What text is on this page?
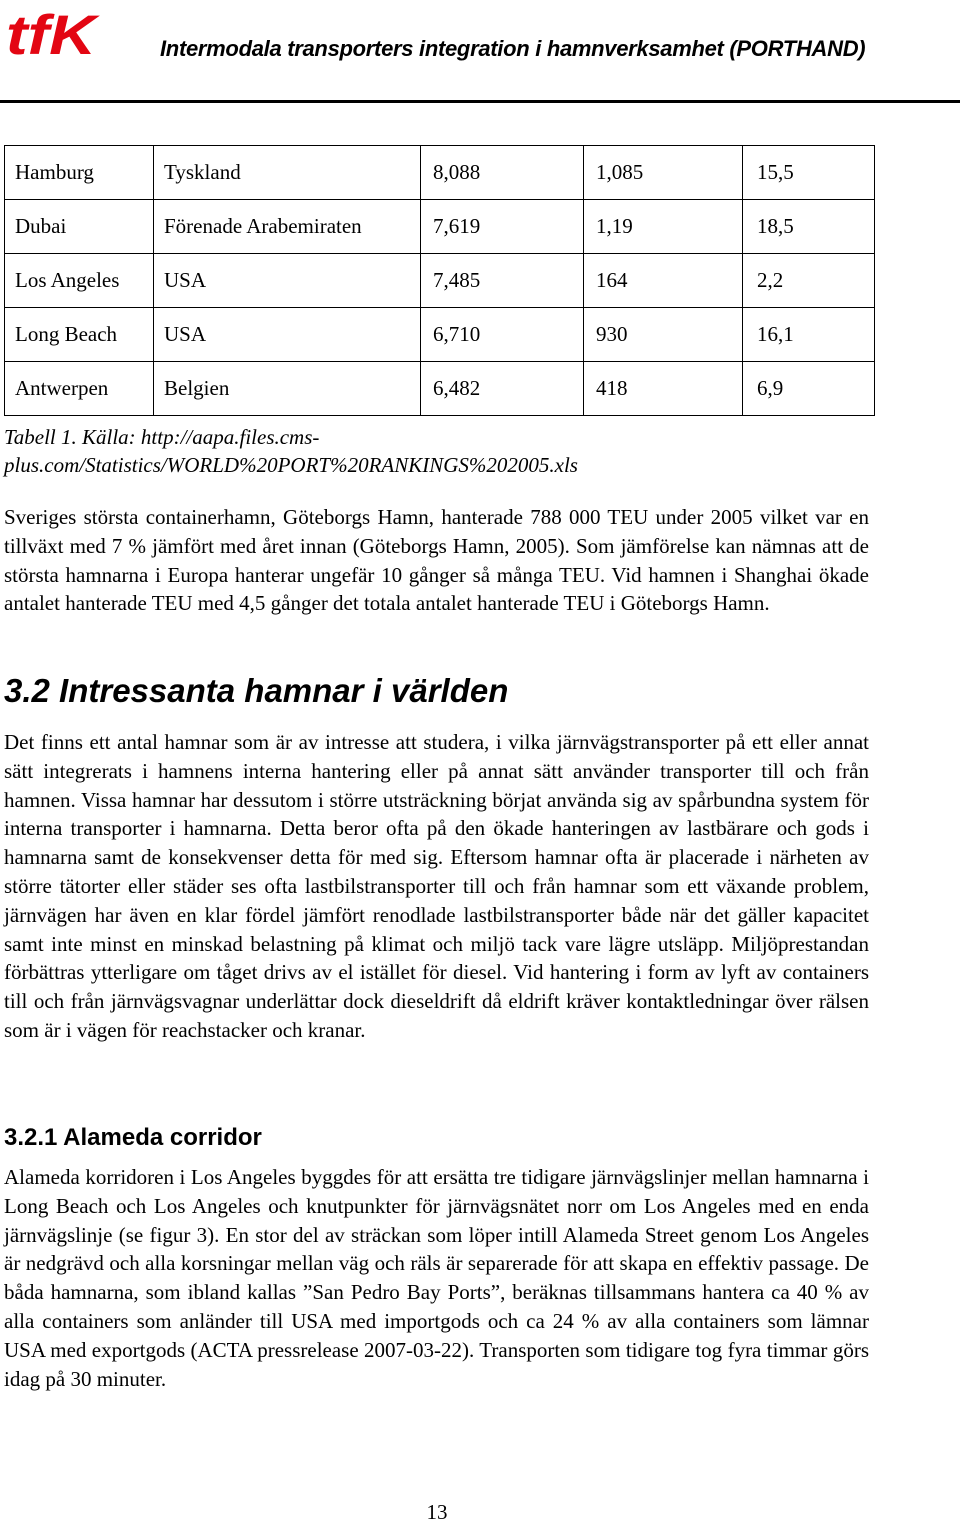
tfK	Intermodala transporters integration i hamnverksamhet (PORTHAND)
Hamburg	Tyskland	8,088	1,085	15,5
Dubai	Förenade Arabemiraten	7,619	1,19	18,5
Los Angeles	USA	7,485	164	2,2
Long Beach	USA	6,710	930	16,1
Antwerpen	Belgien	6,482	418	6,9
Tabell 1. Källa: http://aapa.files.cms-
plus.com/Statistics/WORLD%20PORT%20RANKINGS%202005.xls

Sveriges största containerhamn, Göteborgs Hamn, hanterade 788 000 TEU under 2005 vilket var en tillväxt med 7 % jämfört med året innan (Göteborgs Hamn, 2005). Som jämförelse kan nämnas att de största hamnarna i Europa hanterar ungefär 10 gånger så många TEU. Vid hamnen i Shanghai ökade antalet hanterade TEU med 4,5 gånger det totala antalet hanterade TEU i Göteborgs Hamn.

3.2 Intressanta hamnar i världen

Det finns ett antal hamnar som är av intresse att studera, i vilka järnvägstransporter på ett eller annat sätt integrerats i hamnens interna hantering eller på annat sätt använder transporter till och från hamnen. Vissa hamnar har dessutom i större utsträckning börjat använda sig av spårbundna system för interna transporter i hamnarna. Detta beror ofta på den ökade hanteringen av lastbärare och gods i hamnarna samt de konsekvenser detta för med sig. Eftersom hamnar ofta är placerade i närheten av större tätorter eller städer ses ofta lastbilstransporter till och från hamnar som ett växande problem, järnvägen har även en klar fördel jämfört renodlade lastbilstransporter både när det gäller kapacitet samt inte minst en minskad belastning på klimat och miljö tack vare lägre utsläpp. Miljöprestandan förbättras ytterligare om tåget drivs av el istället för diesel. Vid hantering i form av lyft av containers till och från järnvägsvagnar underlättar dock dieseldrift då eldrift kräver kontaktledningar över rälsen som är i vägen för reachstacker och kranar.

3.2.1 Alameda corridor

Alameda korridoren i Los Angeles byggdes för att ersätta tre tidigare järnvägslinjer mellan hamnarna i Long Beach och Los Angeles och knutpunkter för järnvägsnätet norr om Los Angeles med en enda järnvägslinje (se figur 3). En stor del av sträckan som löper intill Alameda Street genom Los Angeles är nedgrävd och alla korsningar mellan väg och räls är separerade för att skapa en effektiv passage. De båda hamnarna, som ibland kallas ”San Pedro Bay Ports”, beräknas tillsammans hantera ca 40 % av alla containers som anländer till USA med importgods och ca 24 % av alla containers som lämnar USA med exportgods (ACTA pressrelease 2007-03-22). Transporten som tidigare tog fyra timmar görs idag på 30 minuter.

13
